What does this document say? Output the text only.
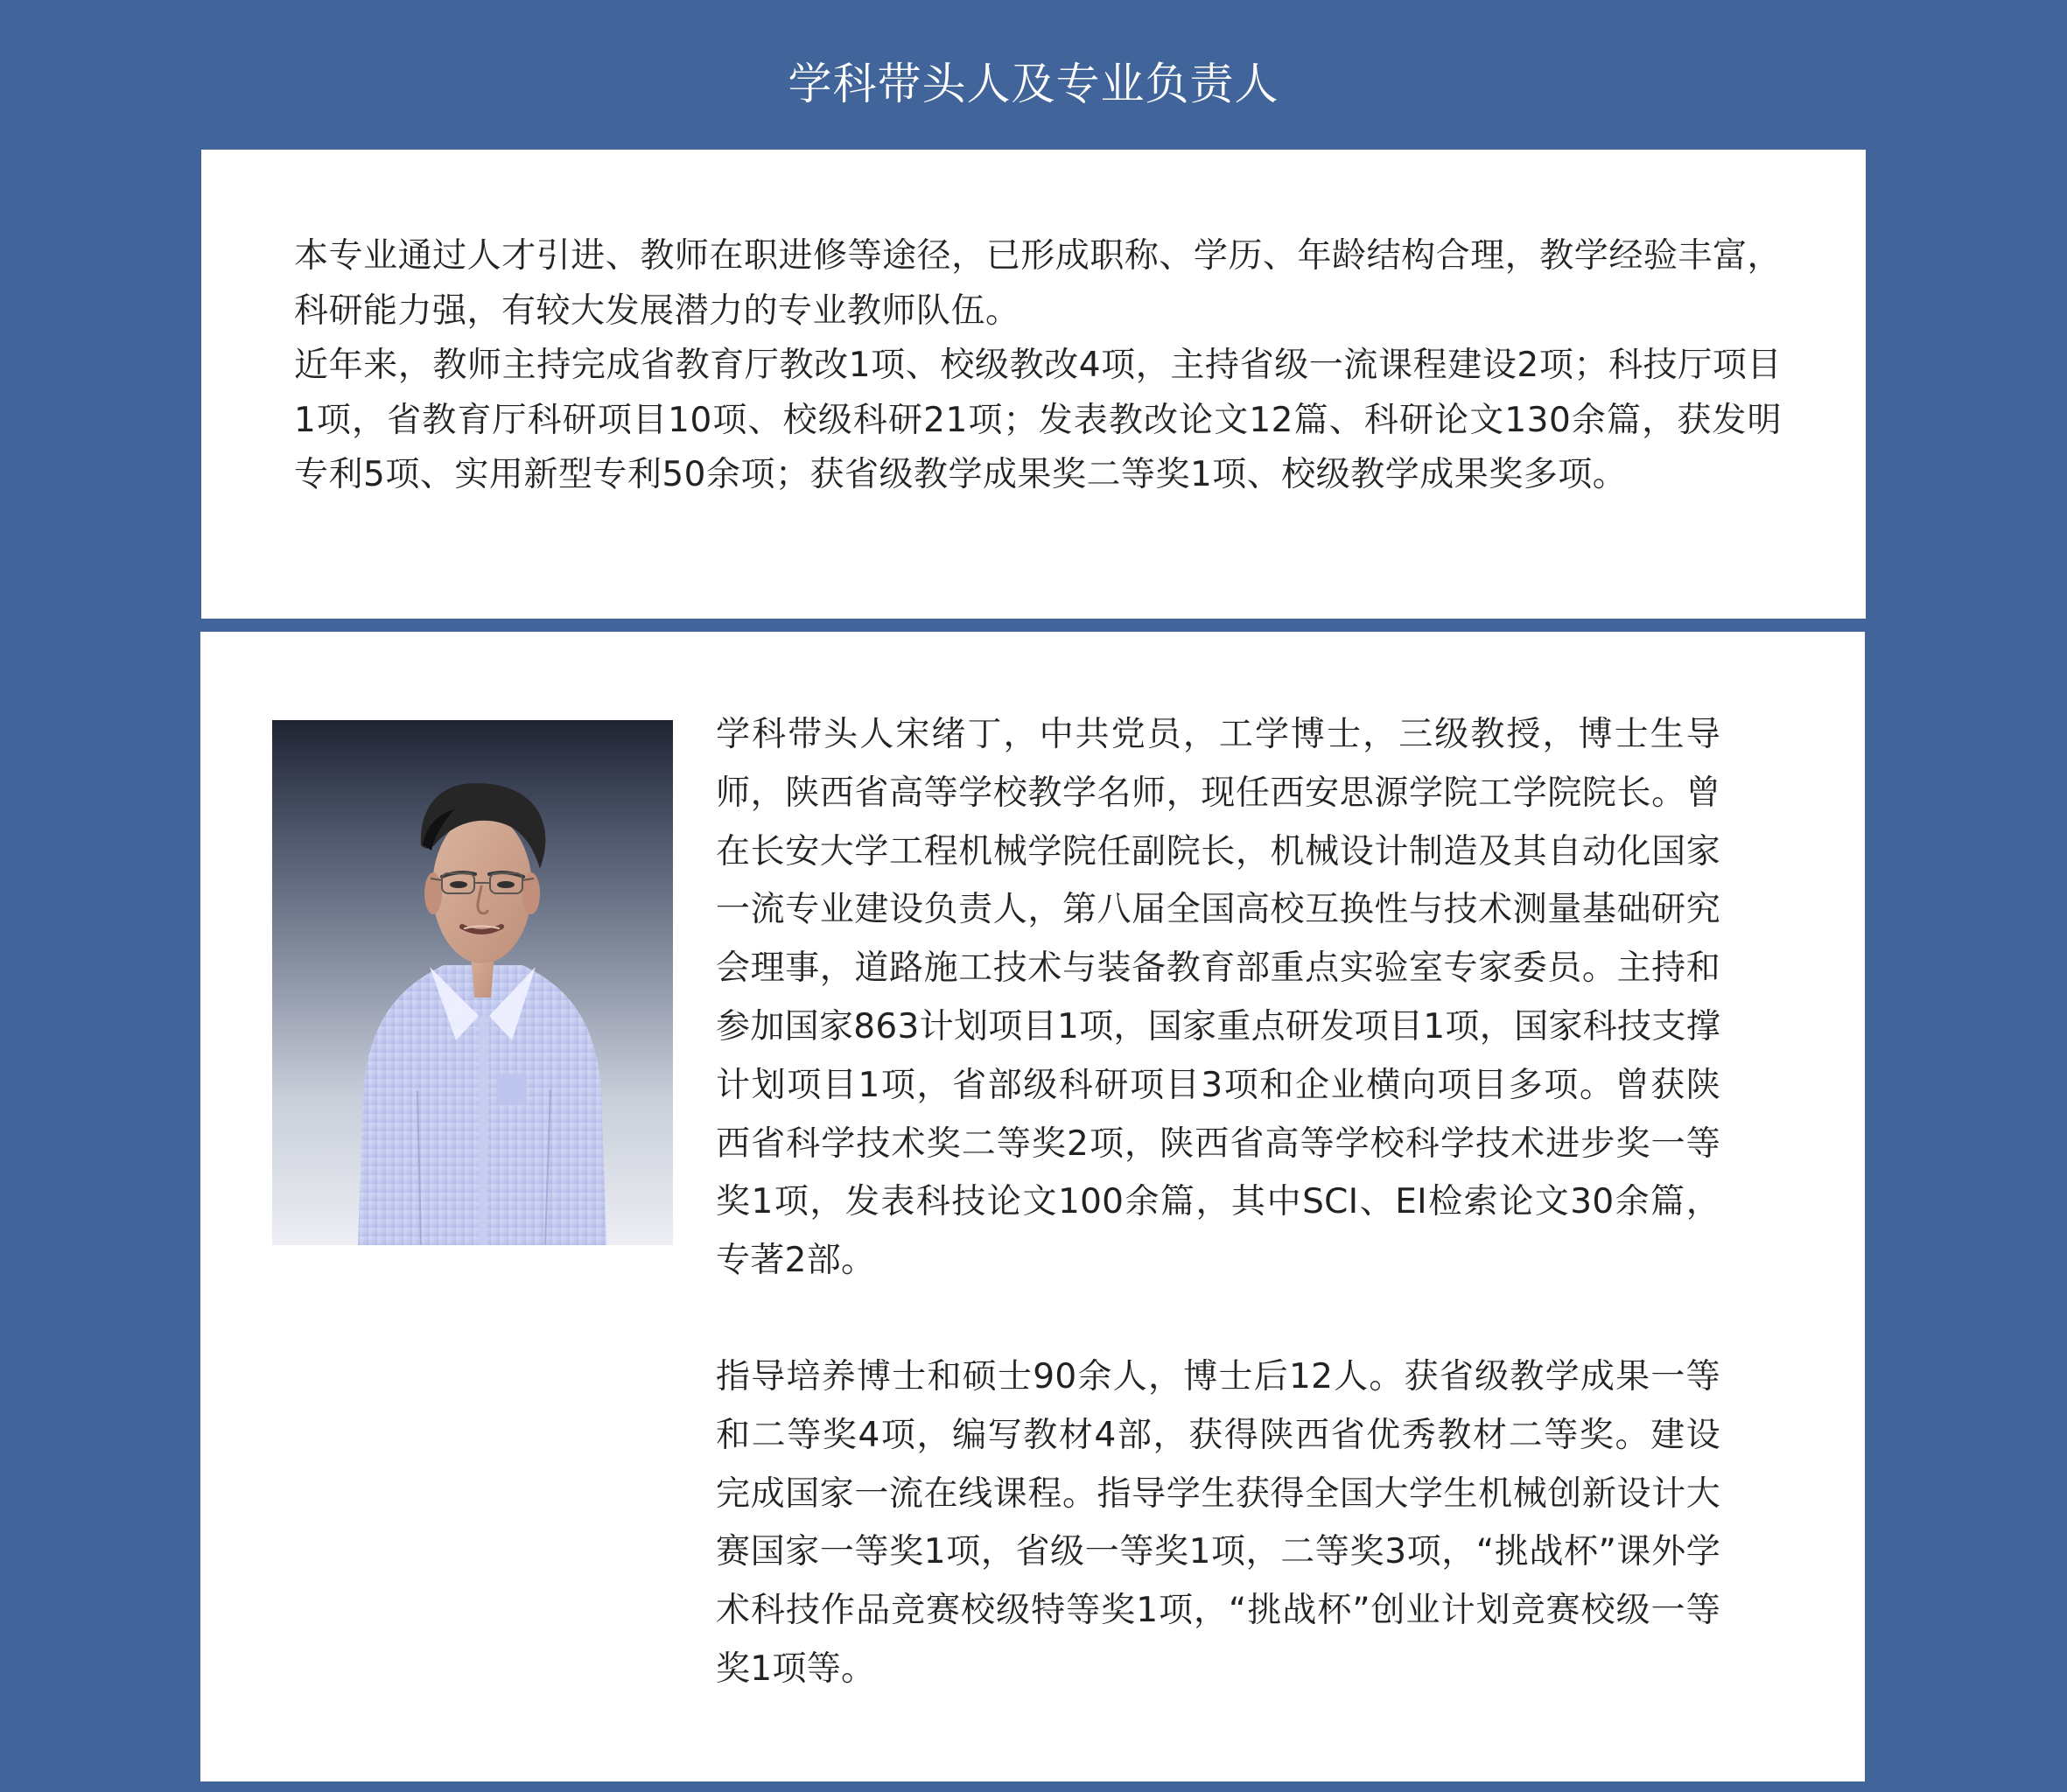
学科带头人及专业负责人

本专业通过人才引进、教师在职进修等途径，已形成职称、学历、年龄结构合理，教学经验丰富，科研能力强，有较大发展潜力的专业教师队伍。

近年来，教师主持完成省教育厅教改1项、校级教改4项，主持省级一流课程建设2项；科技厅项目1项，省教育厅科研项目10项、校级科研21项；发表教改论文12篇、科研论文130余篇，获发明专利5项、实用新型专利50余项；获省级教学成果奖二等奖1项、校级教学成果奖多项。

学科带头人宋绪丁，中共党员，工学博士，三级教授，博士生导师，陕西省高等学校教学名师，现任西安思源学院工学院院长。曾在长安大学工程机械学院任副院长，机械设计制造及其自动化国家一流专业建设负责人，第八届全国高校互换性与技术测量基础研究会理事，道路施工技术与装备教育部重点实验室专家委员。主持和参加国家863计划项目1项，国家重点研发项目1项，国家科技支撑计划项目1项，省部级科研项目3项和企业横向项目多项。曾获陕西省科学技术奖二等奖2项，陕西省高等学校科学技术进步奖一等奖1项，发表科技论文100余篇，其中SCI、EI检索论文30余篇，专著2部。

指导培养博士和硕士90余人，博士后12人。获省级教学成果一等和二等奖4项，编写教材4部，获得陕西省优秀教材二等奖。建设完成国家一流在线课程。指导学生获得全国大学生机械创新设计大赛国家一等奖1项，省级一等奖1项，二等奖3项，“挑战杯”课外学术科技作品竞赛校级特等奖1项，“挑战杯”创业计划竞赛校级一等奖1项等。
